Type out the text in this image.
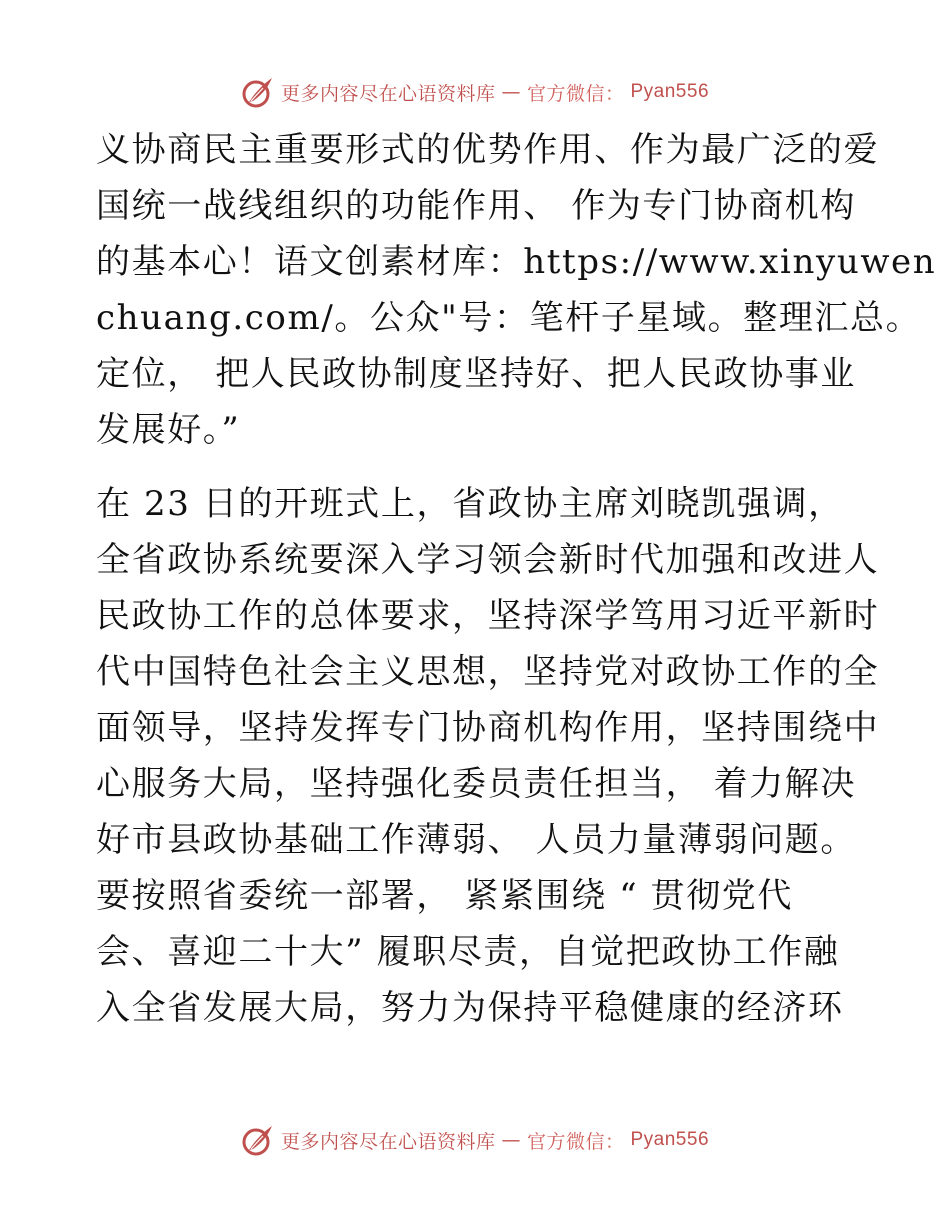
更多内容尽在心语资料库 — 官方微信： Pyan556

义协商民主重要形式的优势作用、作为最广泛的爱
国统一战线组织的功能作用、 作为专门协商机构
的基本心！语文创素材库：https://www.xinyuwen
chuang.com/。公众"号：笔杆子星域。整理汇总。
定位， 把人民政协制度坚持好、把人民政协事业
发展好。”

在 23 日的开班式上，省政协主席刘晓凯强调，
全省政协系统要深入学习领会新时代加强和改进人
民政协工作的总体要求，坚持深学笃用习近平新时
代中国特色社会主义思想，坚持党对政协工作的全
面领导，坚持发挥专门协商机构作用，坚持围绕中
心服务大局，坚持强化委员责任担当， 着力解决
好市县政协基础工作薄弱、 人员力量薄弱问题。
要按照省委统一部署， 紧紧围绕 “ 贯彻党代
会、喜迎二十大” 履职尽责，自觉把政协工作融
入全省发展大局，努力为保持平稳健康的经济环

更多内容尽在心语资料库 — 官方微信： Pyan556
